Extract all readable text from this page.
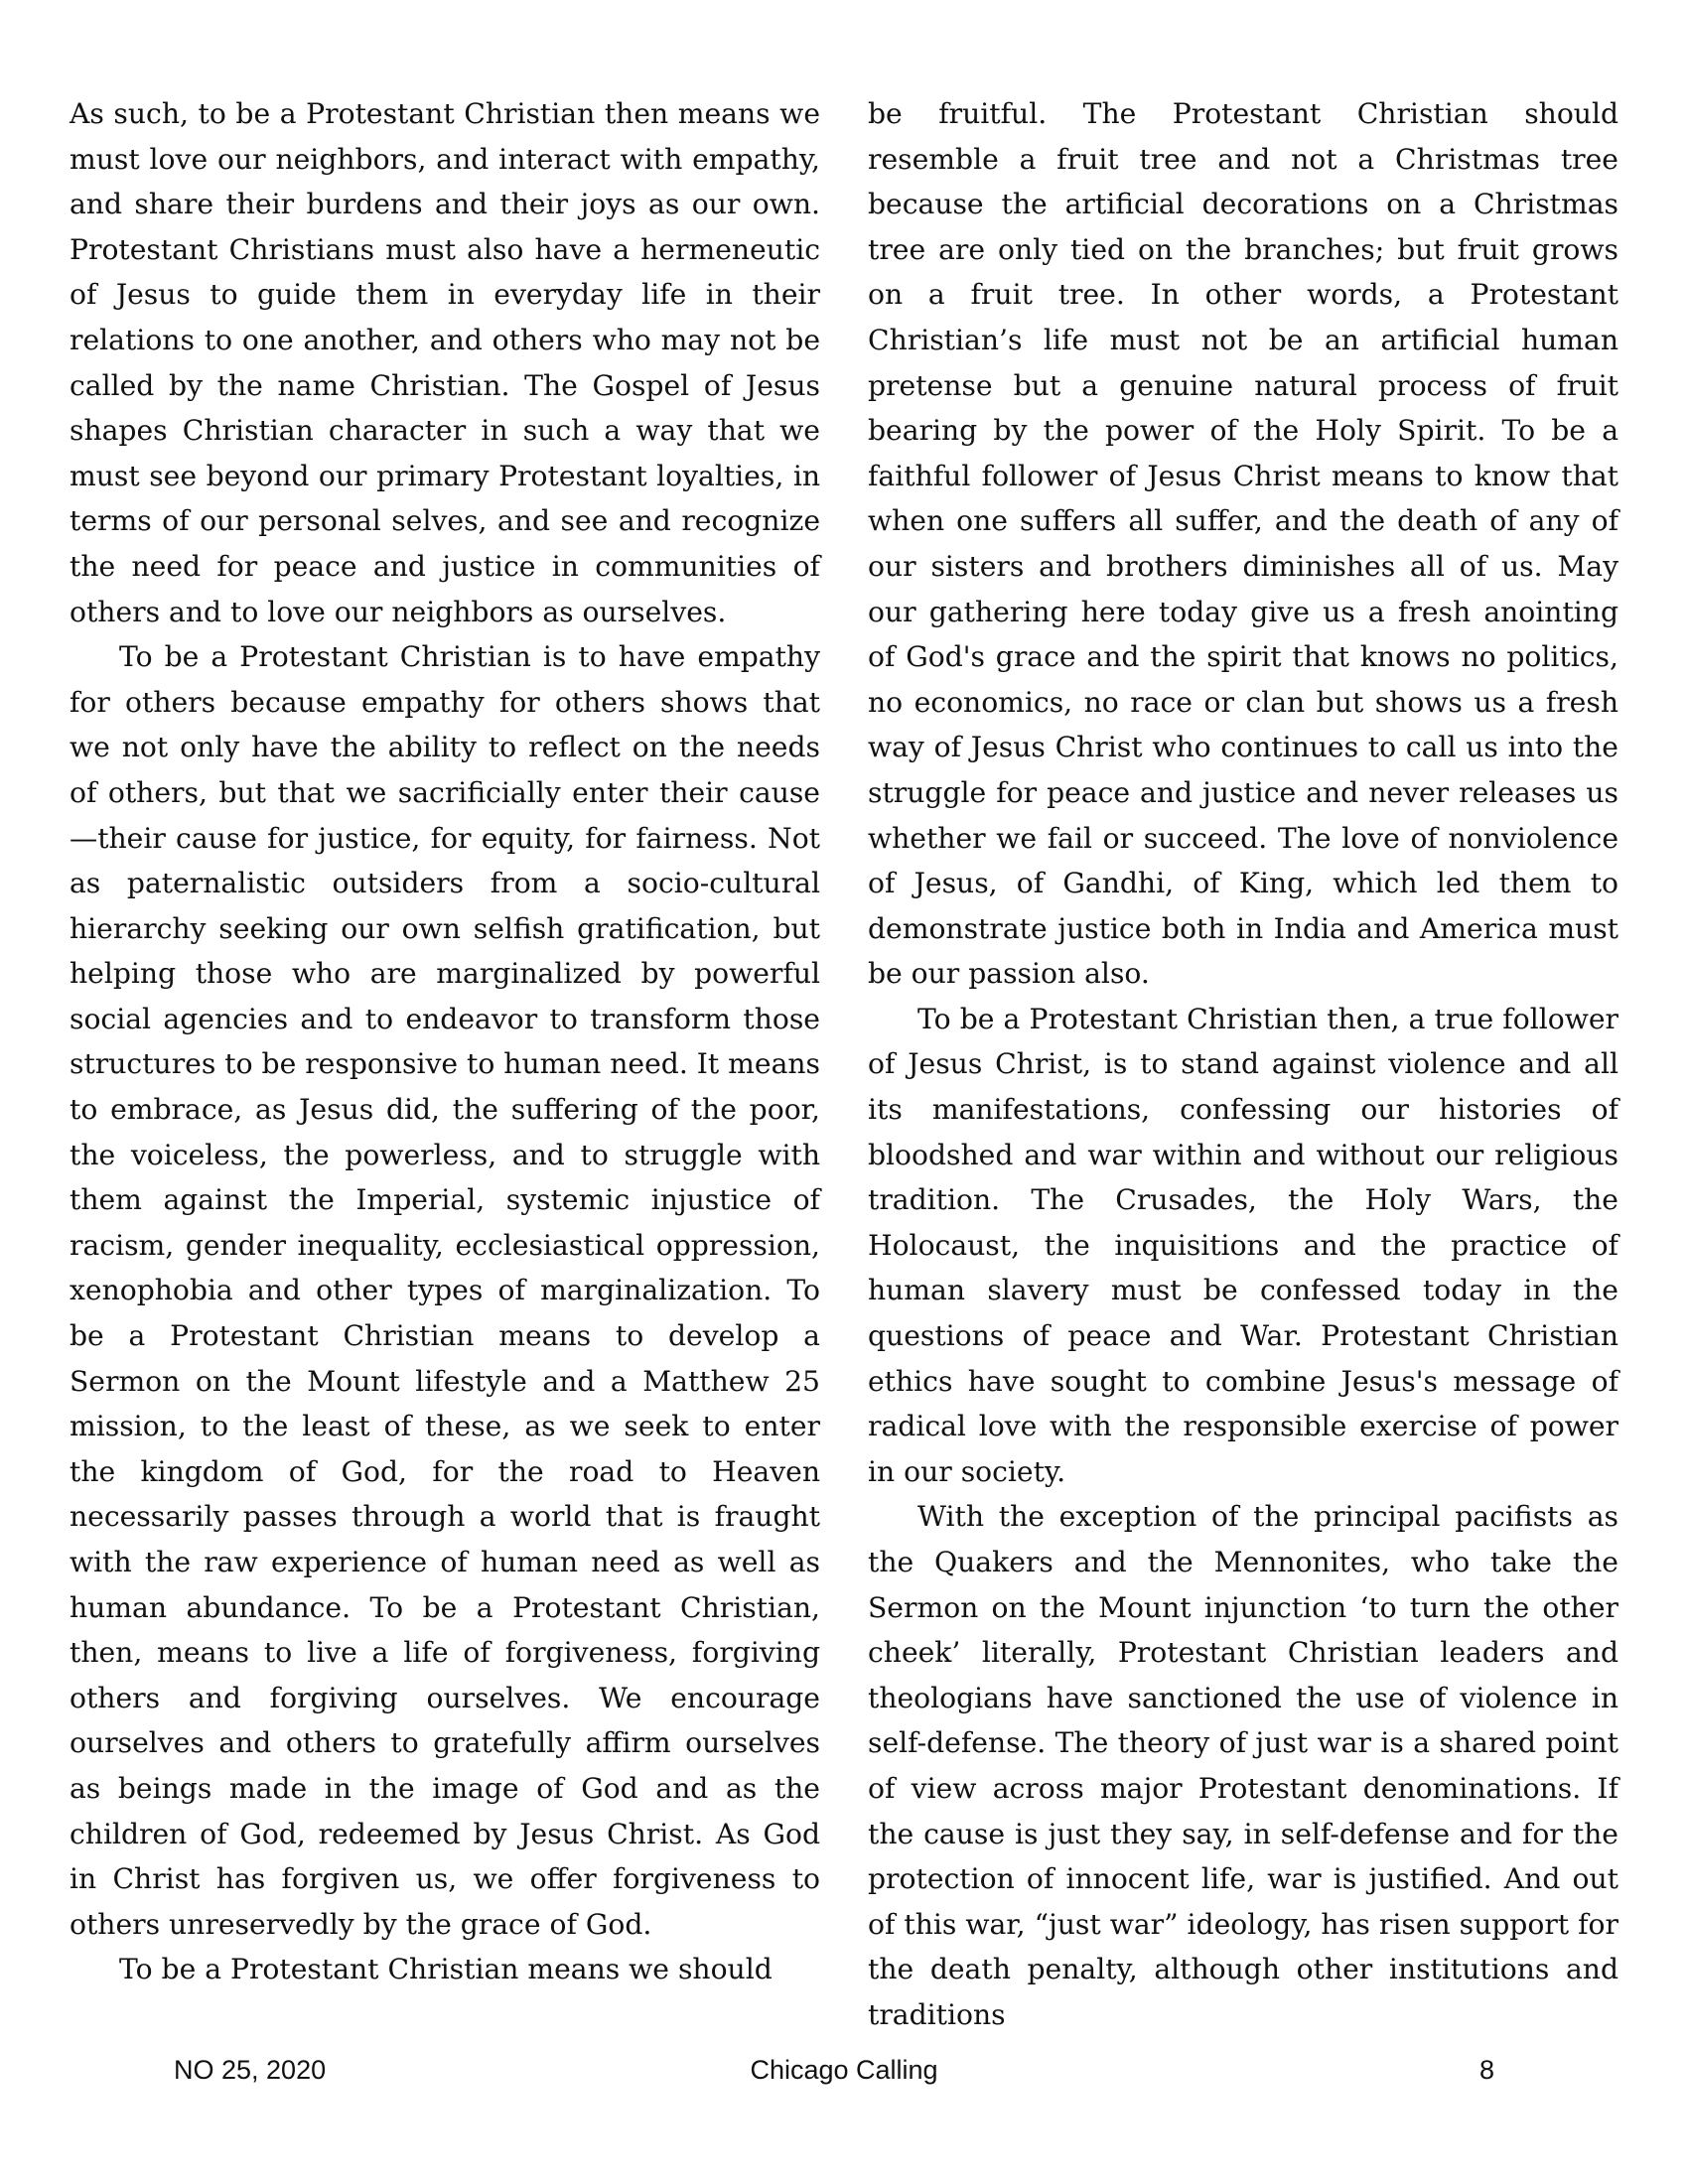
As such, to be a Protestant Christian then means we must love our neighbors, and interact with empathy, and share their burdens and their joys as our own. Protestant Christians must also have a hermeneutic of Jesus to guide them in everyday life in their relations to one another, and others who may not be called by the name Christian. The Gospel of Jesus shapes Christian character in such a way that we must see beyond our primary Protestant loyalties, in terms of our personal selves, and see and recognize the need for peace and justice in communities of others and to love our neighbors as ourselves.

To be a Protestant Christian is to have empathy for others because empathy for others shows that we not only have the ability to reflect on the needs of others, but that we sacrificially enter their cause—their cause for justice, for equity, for fairness. Not as paternalistic outsiders from a socio-cultural hierarchy seeking our own selfish gratification, but helping those who are marginalized by powerful social agencies and to endeavor to transform those structures to be responsive to human need. It means to embrace, as Jesus did, the suffering of the poor, the voiceless, the powerless, and to struggle with them against the Imperial, systemic injustice of racism, gender inequality, ecclesiastical oppression, xenophobia and other types of marginalization. To be a Protestant Christian means to develop a Sermon on the Mount lifestyle and a Matthew 25 mission, to the least of these, as we seek to enter the kingdom of God, for the road to Heaven necessarily passes through a world that is fraught with the raw experience of human need as well as human abundance. To be a Protestant Christian, then, means to live a life of forgiveness, forgiving others and forgiving ourselves. We encourage ourselves and others to gratefully affirm ourselves as beings made in the image of God and as the children of God, redeemed by Jesus Christ. As God in Christ has forgiven us, we offer forgiveness to others unreservedly by the grace of God.

To be a Protestant Christian means we should

be fruitful. The Protestant Christian should resemble a fruit tree and not a Christmas tree because the artificial decorations on a Christmas tree are only tied on the branches; but fruit grows on a fruit tree. In other words, a Protestant Christian’s life must not be an artificial human pretense but a genuine natural process of fruit bearing by the power of the Holy Spirit. To be a faithful follower of Jesus Christ means to know that when one suffers all suffer, and the death of any of our sisters and brothers diminishes all of us. May our gathering here today give us a fresh anointing of God's grace and the spirit that knows no politics, no economics, no race or clan but shows us a fresh way of Jesus Christ who continues to call us into the struggle for peace and justice and never releases us whether we fail or succeed. The love of nonviolence of Jesus, of Gandhi, of King, which led them to demonstrate justice both in India and America must be our passion also.

To be a Protestant Christian then, a true follower of Jesus Christ, is to stand against violence and all its manifestations, confessing our histories of bloodshed and war within and without our religious tradition. The Crusades, the Holy Wars, the Holocaust, the inquisitions and the practice of human slavery must be confessed today in the questions of peace and War. Protestant Christian ethics have sought to combine Jesus's message of radical love with the responsible exercise of power in our society.

With the exception of the principal pacifists as the Quakers and the Mennonites, who take the Sermon on the Mount injunction ‘to turn the other cheek’ literally, Protestant Christian leaders and theologians have sanctioned the use of violence in self-defense. The theory of just war is a shared point of view across major Protestant denominations. If the cause is just they say, in self-defense and for the protection of innocent life, war is justified. And out of this war, “just war” ideology, has risen support for the death penalty, although other institutions and traditions

NO 25, 2020	Chicago Calling	8
